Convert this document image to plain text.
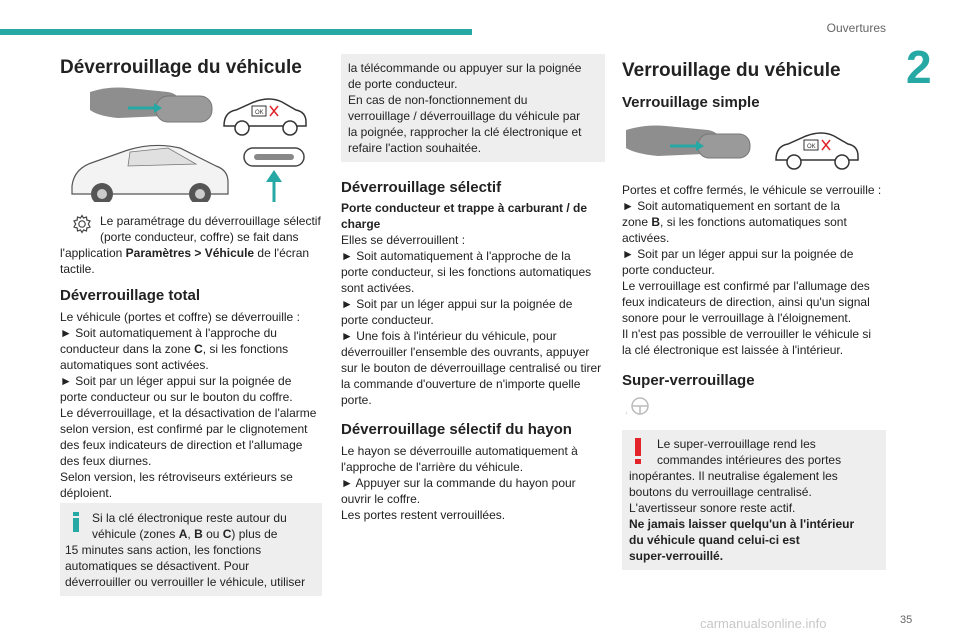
Ouvertures
2
Déverrouillage du véhicule
OK

Le paramétrage du déverrouillage sélectif

(porte conducteur, coffre) se fait dans

l'application Paramètres > Véhicule de l'écran

tactile.

Déverrouillage total

Le véhicule (portes et coffre) se déverrouille :

► Soit automatiquement à l'approche du

conducteur dans la zone C, si les fonctions

automatiques sont activées.

► Soit par un léger appui sur la poignée de

porte conducteur ou sur le bouton du coffre.

Le déverrouillage, et la désactivation de l'alarme

selon version, est confirmé par le clignotement

des feux indicateurs de direction et l'allumage

des feux diurnes.

Selon version, les rétroviseurs extérieurs se

déploient.

Si la clé électronique reste autour du

véhicule (zones A, B ou C) plus de

15 minutes sans action, les fonctions

automatiques se désactivent. Pour

déverrouiller ou verrouiller le véhicule, utiliser

la télécommande ou appuyer sur la poignée

de porte conducteur.

En cas de non-fonctionnement du

verrouillage / déverrouillage du véhicule par

la poignée, rapprocher la clé électronique et

refaire l'action souhaitée.

Déverrouillage sélectif

Porte conducteur et trappe à carburant / de

charge

Elles se déverrouillent :

► Soit automatiquement à l'approche de la

porte conducteur, si les fonctions automatiques

sont activées.

► Soit par un léger appui sur la poignée de

porte conducteur.

► Une fois à l'intérieur du véhicule, pour

déverrouiller l'ensemble des ouvrants, appuyer

sur le bouton de déverrouillage centralisé ou tirer

la commande d'ouverture de n'importe quelle

porte.

Déverrouillage sélectif du hayon

Le hayon se déverrouille automatiquement à

l'approche de l'arrière du véhicule.

► Appuyer sur la commande du hayon pour

ouvrir le coffre.

Les portes restent verrouillées.

Verrouillage du véhicule
Verrouillage simple
OK

Portes et coffre fermés, le véhicule se verrouille :

► Soit automatiquement en sortant de la

zone B, si les fonctions automatiques sont

activées.

► Soit par un léger appui sur la poignée de

porte conducteur.

Le verrouillage est confirmé par l'allumage des

feux indicateurs de direction, ainsi qu'un signal

sonore pour le verrouillage à l'éloignement.

Il n'est pas possible de verrouiller le véhicule si

la clé électronique est laissée à l'intérieur.

Super-verrouillage
↓

Le super-verrouillage rend les

commandes intérieures des portes

inopérantes. Il neutralise également les

boutons du verrouillage centralisé.

L'avertisseur sonore reste actif.

Ne jamais laisser quelqu'un à l'intérieur

du véhicule quand celui-ci est

super-verrouillé.

carmanualsonline.info	35
